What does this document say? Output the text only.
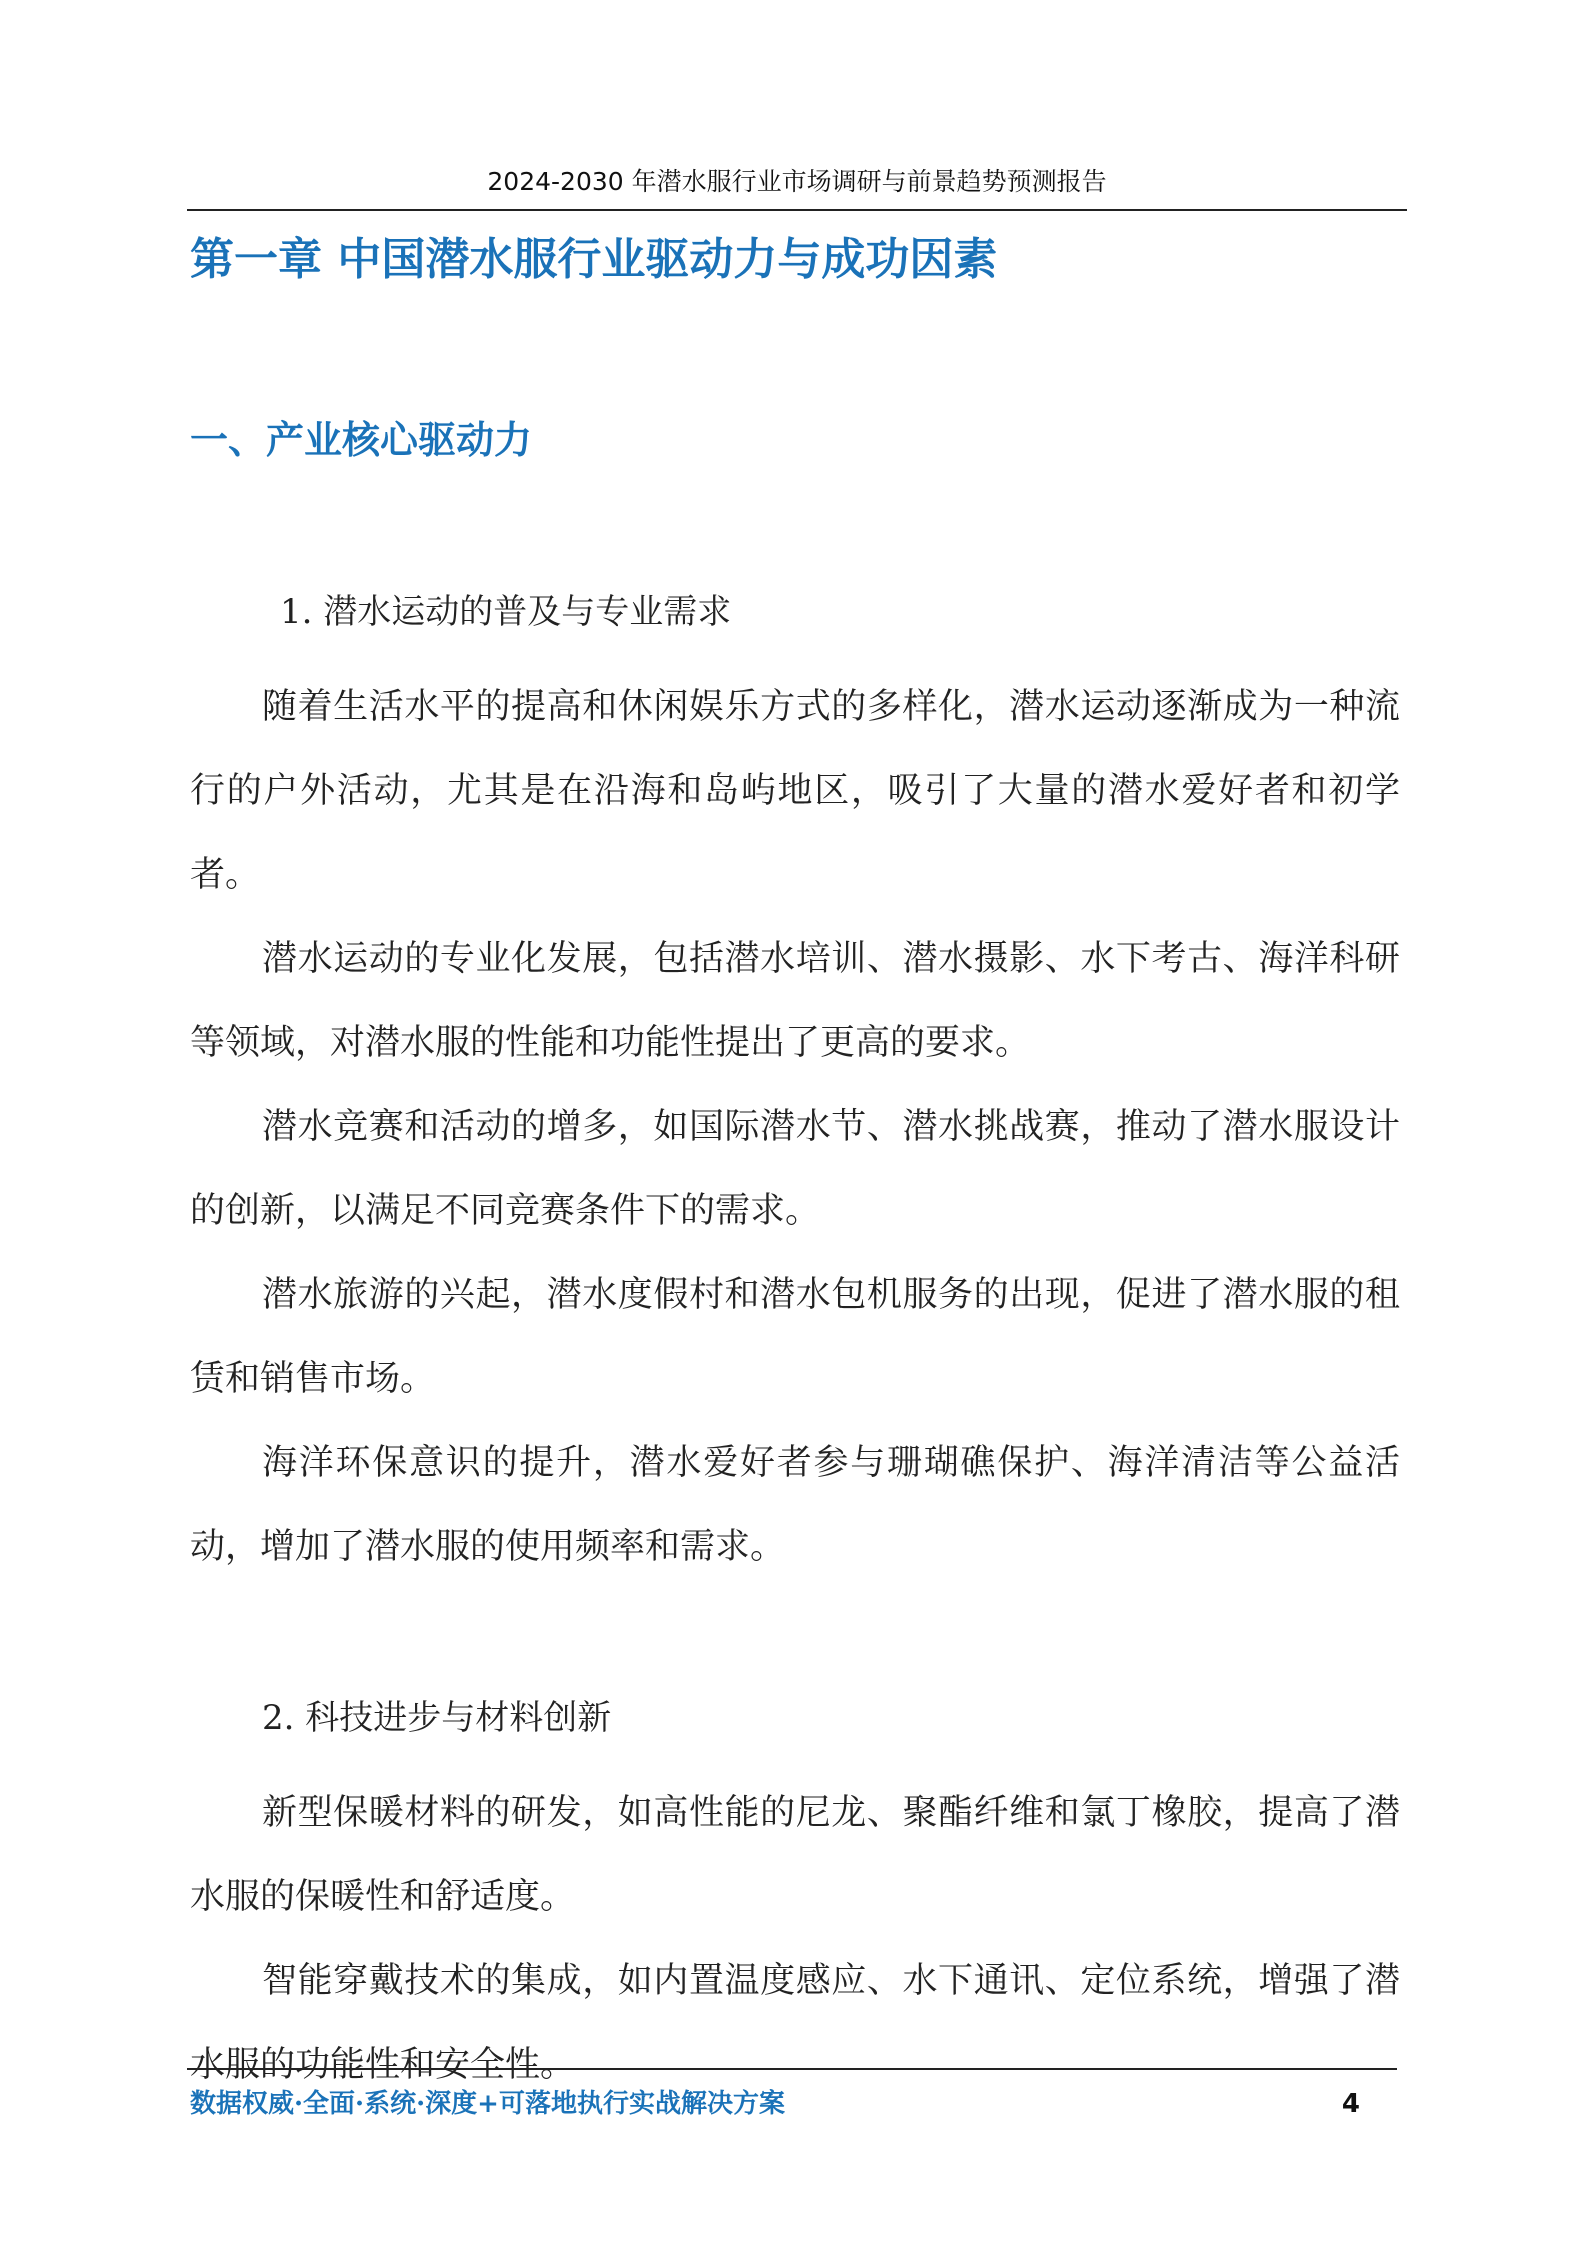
2024-2030 年潜水服行业市场调研与前景趋势预测报告
第一章 中国潜水服行业驱动力与成功因素
一、产业核心驱动力
1. 潜水运动的普及与专业需求

随着生活水平的提高和休闲娱乐方式的多样化，潜水运动逐渐成为一种流行的户外活动，尤其是在沿海和岛屿地区，吸引了大量的潜水爱好者和初学者。

潜水运动的专业化发展，包括潜水培训、潜水摄影、水下考古、海洋科研等领域，对潜水服的性能和功能性提出了更高的要求。

潜水竞赛和活动的增多，如国际潜水节、潜水挑战赛，推动了潜水服设计的创新，以满足不同竞赛条件下的需求。

潜水旅游的兴起，潜水度假村和潜水包机服务的出现，促进了潜水服的租赁和销售市场。

海洋环保意识的提升，潜水爱好者参与珊瑚礁保护、海洋清洁等公益活动，增加了潜水服的使用频率和需求。

2. 科技进步与材料创新

新型保暖材料的研发，如高性能的尼龙、聚酯纤维和氯丁橡胶，提高了潜水服的保暖性和舒适度。

智能穿戴技术的集成，如内置温度感应、水下通讯、定位系统，增强了潜水服的功能性和安全性。

数据权威·全面·系统·深度+可落地执行实战解决方案	4
